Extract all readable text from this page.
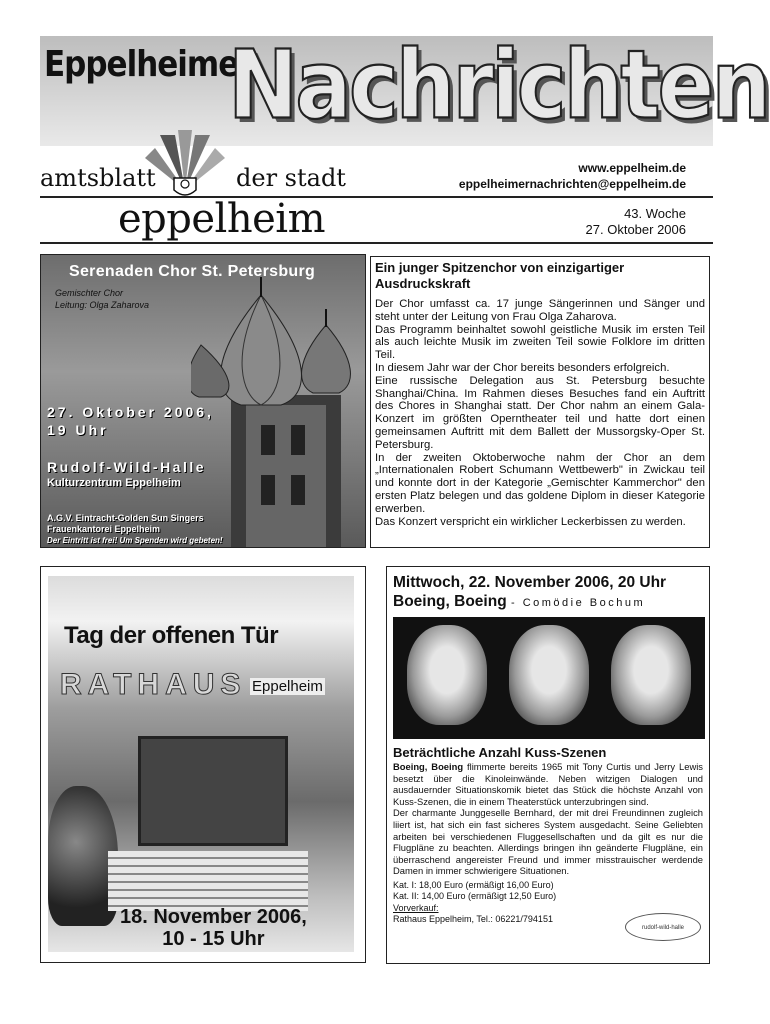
Eppelheimer
Nachrichten
amtsblatt	der stadt
eppelheim
www.eppelheim.de
eppelheimernachrichten@eppelheim.de
43. Woche
27. Oktober 2006
Serenaden Chor St. Petersburg
Gemischter Chor
Leitung: Olga Zaharova
27. Oktober 2006,
19 Uhr
Rudolf-Wild-Halle
Kulturzentrum Eppelheim
A.G.V. Eintracht-Golden Sun Singers
Frauenkantorei Eppelheim
Der Eintritt ist frei! Um Spenden wird gebeten!
Ein junger Spitzenchor von einzigartiger Ausdruckskraft

Der Chor umfasst ca. 17 junge Sängerinnen und Sänger und steht unter der Leitung von Frau Olga Zaharova.

Das Programm beinhaltet sowohl geistliche Musik im ersten Teil als auch leichte Musik im zweiten Teil sowie Folklore im dritten Teil.

In diesem Jahr war der Chor bereits besonders erfolgreich.

Eine russische Delegation aus St. Petersburg besuchte Shanghai/China. Im Rahmen dieses Besuches fand ein Auftritt des Chores in Shanghai statt. Der Chor nahm an einem Gala-Konzert im größten Operntheater teil und hatte dort einen gemeinsamen Auftritt mit dem Ballett der Mussorgsky-Oper St. Petersburg.

In der zweiten Oktoberwoche nahm der Chor an dem „Internationalen Robert Schumann Wettbewerb" in Zwickau teil und konnte dort in der Kategorie „Gemischter Kammerchor" den ersten Platz belegen und das goldene Diplom in dieser Kategorie erwerben.

Das Konzert verspricht ein wirklicher Leckerbissen zu werden.

Tag der offenen Tür
RATHAUS Eppelheim
18. November 2006,
10 - 15 Uhr
Mittwoch, 22. November 2006, 20 Uhr
Boeing, Boeing - Comödie Bochum
Beträchtliche Anzahl Kuss-Szenen

Boeing, Boeing flimmerte bereits 1965 mit Tony Curtis und Jerry Lewis besetzt über die Kinoleinwände. Neben witzigen Dialogen und ausdauernder Situationskomik bietet das Stück die höchste Anzahl von Kuss-Szenen, die in einem Theaterstück unterzubringen sind.

Der charmante Junggeselle Bernhard, der mit drei Freundinnen zugleich liiert ist, hat sich ein fast sicheres System ausgedacht. Seine Geliebten arbeiten bei verschiedenen Fluggesellschaften und da gilt es nur die Flugpläne zu beachten. Allerdings bringen ihn geänderte Flugpläne, ein überraschend angereister Freund und immer misstrauischer werdende Damen in immer schwierigere Situationen.

Kat. I: 18,00 Euro (ermäßigt 16,00 Euro)
Kat. II: 14,00 Euro (ermäßigt 12,50 Euro)
Vorverkauf:
Rathaus Eppelheim, Tel.: 06221/794151
rudolf-wild-halle
